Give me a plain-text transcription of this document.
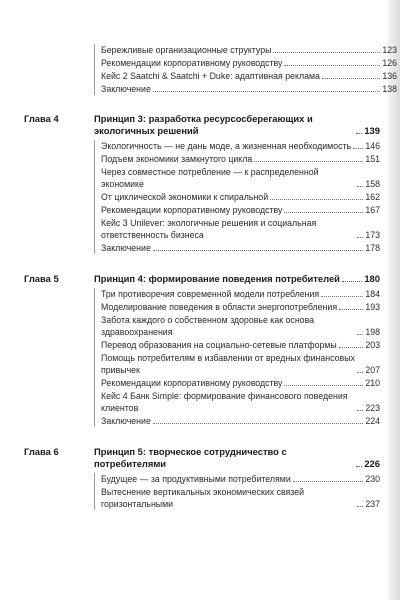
Бережливые организационные структуры	123
Рекомендации корпоративному руководству	126
Кейс 2 Saatchi & Saatchi + Duke: адаптивная реклама	136
Заключение	138
Глава 4	Принцип 3: разработка ресурсосберегающих и экологичных решений	139
Экологичность — не дань моде, а жизненная необходимость 146
Подъем экономики замкнутого цикла	151
Через совместное потребление — к распределенной экономике	158
От циклической экономики к спиральной	162
Рекомендации корпоративному руководству	167
Кейс 3 Unilever: экологичные решения и социальная ответственность бизнеса	173
Заключение	178
Глава 5	Принцип 4: формирование поведения потребителей	180
Три противоречия современной модели потребления	184
Моделирование поведения в области энергопотребления	193
Забота каждого о собственном здоровье как основа здравоохранения	198
Перевод образования на социально-сетевые платформы	203
Помощь потребителям в избавлении от вредных финансовых привычек	207
Рекомендации корпоративному руководству	210
Кейс 4 Банк Simple: формирование финансового поведения клиентов	223
Заключение	224
Глава 6	Принцип 5: творческое сотрудничество с потребителями	226
Будущее — за продуктивными потребителями	230
Вытеснение вертикальных экономических связей горизонтальными	237
